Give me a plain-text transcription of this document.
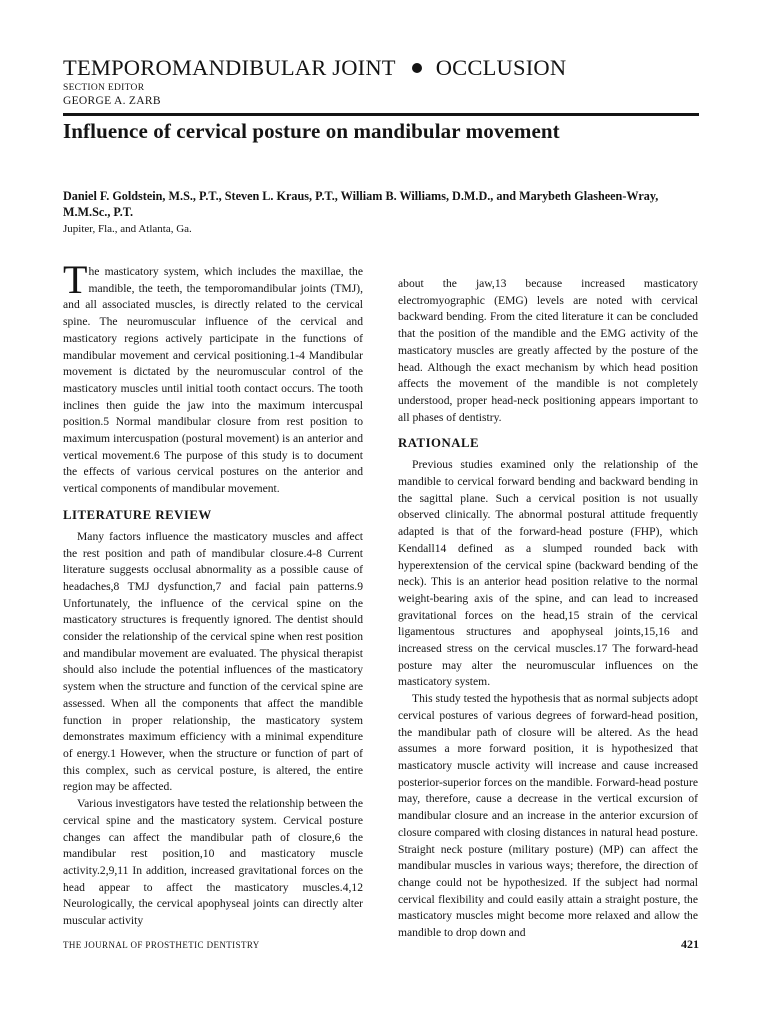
TEMPOROMANDIBULAR JOINT OCCLUSION
SECTION EDITOR
GEORGE A. ZARB
Influence of cervical posture on mandibular movement
Daniel F. Goldstein, M.S., P.T., Steven L. Kraus, P.T., William B. Williams, D.M.D., and Marybeth Glasheen-Wray, M.M.Sc., P.T.
Jupiter, Fla., and Atlanta, Ga.

The masticatory system, which includes the maxillae, the mandible, the teeth, the temporomandibular joints (TMJ), and all associated muscles, is directly related to the cervical spine. The neuromuscular influence of the cervical and masticatory regions actively participate in the functions of mandibular movement and cervical positioning.1-4 Mandibular movement is dictated by the neuromuscular control of the masticatory muscles until initial tooth contact occurs. The tooth inclines then guide the jaw into the maximum intercuspal position.5 Normal mandibular closure from rest position to maximum intercuspation (postural movement) is an anterior and vertical movement.6 The purpose of this study is to document the effects of various cervical postures on the anterior and vertical components of mandibular movement.

LITERATURE REVIEW

Many factors influence the masticatory muscles and affect the rest position and path of mandibular closure.4-8 Current literature suggests occlusal abnormality as a possible cause of headaches,8 TMJ dysfunction,7 and facial pain patterns.9 Unfortunately, the influence of the cervical spine on the masticatory structures is frequently ignored. The dentist should consider the relationship of the cervical spine when rest position and mandibular movement are evaluated. The physical therapist should also include the potential influences of the masticatory system when the structure and function of the cervical spine are assessed. When all the components that affect the mandible function in proper relationship, the masticatory system demonstrates maximum efficiency with a minimal expenditure of energy.1 However, when the structure or function of part of this complex, such as cervical posture, is altered, the entire region may be affected.

Various investigators have tested the relationship between the cervical spine and the masticatory system. Cervical posture changes can affect the mandibular path of closure,6 the mandibular rest position,10 and masticatory muscle activity.2,9,11 In addition, increased gravitational forces on the head appear to affect the masticatory muscles.4,12 Neurologically, the cervical apophyseal joints can directly alter muscular activity

about the jaw,13 because increased masticatory electromyographic (EMG) levels are noted with cervical backward bending. From the cited literature it can be concluded that the position of the mandible and the EMG activity of the masticatory muscles are greatly affected by the posture of the head. Although the exact mechanism by which head position affects the movement of the mandible is not completely understood, proper head-neck positioning appears important to all phases of dentistry.

RATIONALE

Previous studies examined only the relationship of the mandible to cervical forward bending and backward bending in the sagittal plane. Such a cervical position is not usually observed clinically. The abnormal postural attitude frequently adapted is that of the forward-head posture (FHP), which Kendall14 defined as a slumped rounded back with hyperextension of the cervical spine (backward bending of the neck). This is an anterior head position relative to the normal weight-bearing axis of the spine, and can lead to increased gravitational forces on the head,15 strain of the cervical ligamentous structures and apophyseal joints,15,16 and increased stress on the cervical muscles.17 The forward-head posture may alter the neuromuscular influences on the masticatory system.

This study tested the hypothesis that as normal subjects adopt cervical postures of various degrees of forward-head position, the mandibular path of closure will be altered. As the head assumes a more forward position, it is hypothesized that masticatory muscle activity will increase and cause increased posterior-superior forces on the mandible. Forward-head posture may, therefore, cause a decrease in the vertical excursion of mandibular closure and an increase in the anterior excursion of closure compared with closing distances in natural head posture. Straight neck posture (military posture) (MP) can affect the mandibular muscles in various ways; therefore, the direction of change could not be hypothesized. If the subject had normal cervical flexibility and could easily attain a straight posture, the masticatory muscles might become more relaxed and allow the mandible to drop down and

THE JOURNAL OF PROSTHETIC DENTISTRY	421
